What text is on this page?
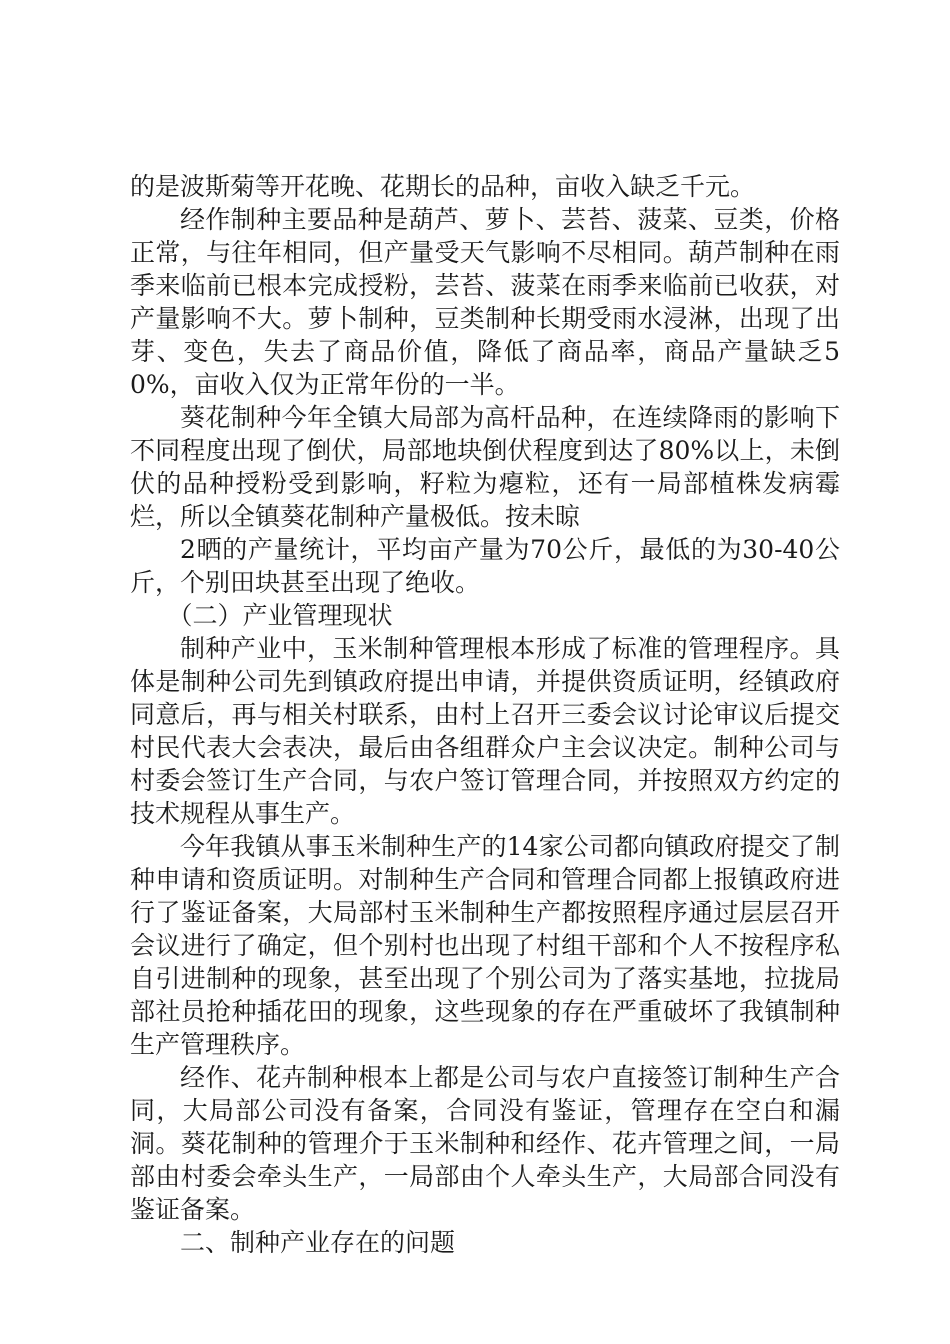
的是波斯菊等开花晚、花期长的品种，亩收入缺乏千元。

经作制种主要品种是葫芦、萝卜、芸苔、菠菜、豆类，价格正常，与往年相同，但产量受天气影响不尽相同。葫芦制种在雨季来临前已根本完成授粉，芸苔、菠菜在雨季来临前已收获，对产量影响不大。萝卜制种，豆类制种长期受雨水浸淋，出现了出芽、变色，失去了商品价值，降低了商品率，商品产量缺乏50%，亩收入仅为正常年份的一半。

葵花制种今年全镇大局部为高杆品种，在连续降雨的影响下不同程度出现了倒伏，局部地块倒伏程度到达了80%以上，未倒伏的品种授粉受到影响，籽粒为瘪粒，还有一局部植株发病霉烂，所以全镇葵花制种产量极低。按未晾

2晒的产量统计，平均亩产量为70公斤，最低的为30-40公斤，个别田块甚至出现了绝收。

（二）产业管理现状

制种产业中，玉米制种管理根本形成了标准的管理程序。具体是制种公司先到镇政府提出申请，并提供资质证明，经镇政府同意后，再与相关村联系，由村上召开三委会议讨论审议后提交村民代表大会表决，最后由各组群众户主会议决定。制种公司与村委会签订生产合同，与农户签订管理合同，并按照双方约定的技术规程从事生产。

今年我镇从事玉米制种生产的14家公司都向镇政府提交了制种申请和资质证明。对制种生产合同和管理合同都上报镇政府进行了鉴证备案，大局部村玉米制种生产都按照程序通过层层召开会议进行了确定，但个别村也出现了村组干部和个人不按程序私自引进制种的现象，甚至出现了个别公司为了落实基地，拉拢局部社员抢种插花田的现象，这些现象的存在严重破坏了我镇制种生产管理秩序。

经作、花卉制种根本上都是公司与农户直接签订制种生产合同，大局部公司没有备案，合同没有鉴证，管理存在空白和漏洞。葵花制种的管理介于玉米制种和经作、花卉管理之间，一局部由村委会牵头生产，一局部由个人牵头生产，大局部合同没有鉴证备案。

二、制种产业存在的问题
